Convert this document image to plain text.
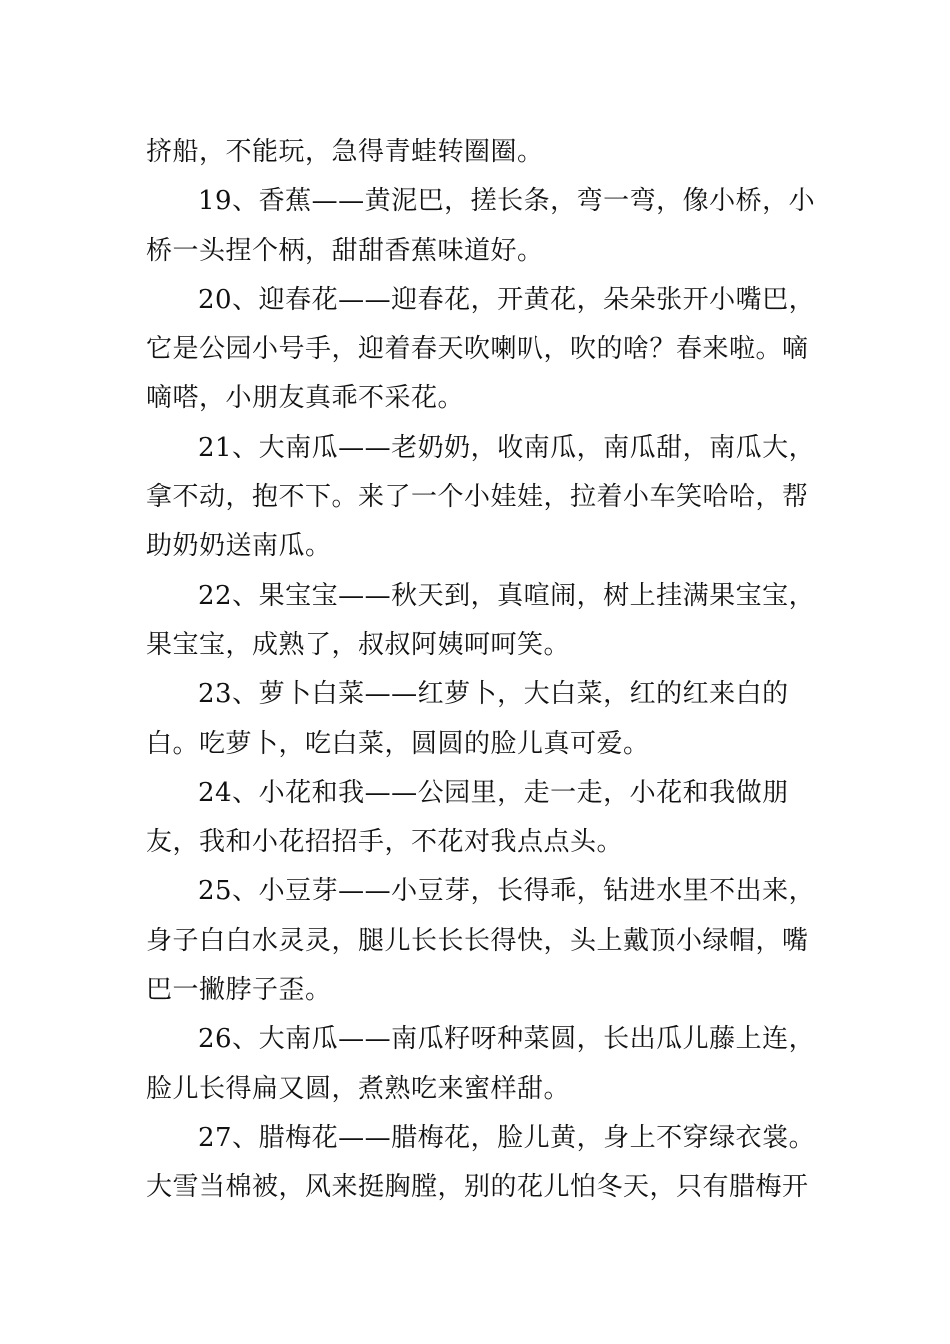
挤船，不能玩，急得青蛙转圈圈。

19、香蕉——黄泥巴，搓长条，弯一弯，像小桥，小桥一头捏个柄，甜甜香蕉味道好。

20、迎春花——迎春花，开黄花，朵朵张开小嘴巴，它是公园小号手，迎着春天吹喇叭，吹的啥？春来啦。嘀嘀嗒，小朋友真乖不采花。

21、大南瓜——老奶奶，收南瓜，南瓜甜，南瓜大，拿不动，抱不下。来了一个小娃娃，拉着小车笑哈哈，帮助奶奶送南瓜。

22、果宝宝——秋天到，真喧闹，树上挂满果宝宝，果宝宝，成熟了，叔叔阿姨呵呵笑。

23、萝卜白菜——红萝卜，大白菜，红的红来白的白。吃萝卜，吃白菜，圆圆的脸儿真可爱。

24、小花和我——公园里，走一走，小花和我做朋友，我和小花招招手，不花对我点点头。

25、小豆芽——小豆芽，长得乖，钻进水里不出来，身子白白水灵灵，腿儿长长长得快，头上戴顶小绿帽，嘴巴一撇脖子歪。

26、大南瓜——南瓜籽呀种菜圆，长出瓜儿藤上连，脸儿长得扁又圆，煮熟吃来蜜样甜。

27、腊梅花——腊梅花，脸儿黄，身上不穿绿衣裳。大雪当棉被，风来挺胸膛，别的花儿怕冬天，只有腊梅开
